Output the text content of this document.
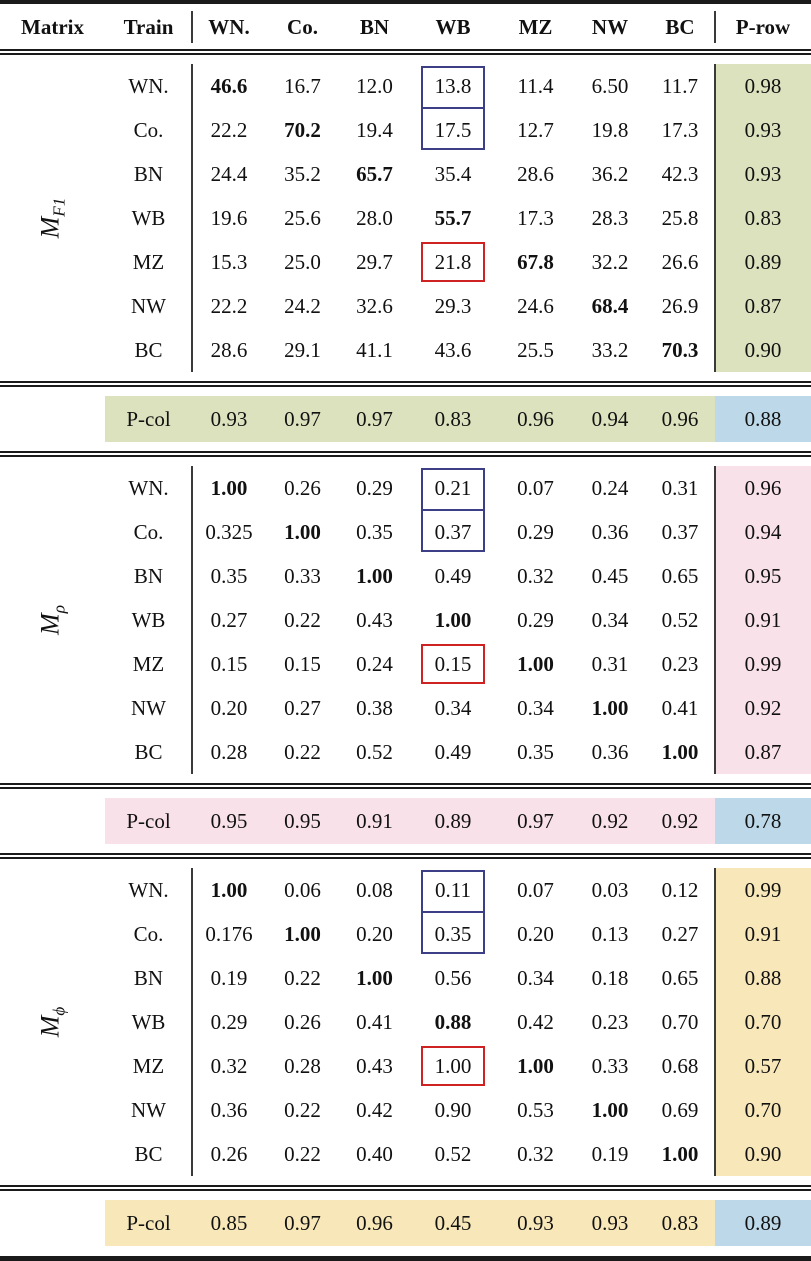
Matrix	Train	WN.	Co.	BN	WB	MZ	NW	BC	P-row

$M_{F1}$	WN.	46.6	16.7	12.0	13.8	11.4	6.50	11.7	0.98
	Co.	22.2	70.2	19.4	17.5	12.7	19.8	17.3	0.93
	BN	24.4	35.2	65.7	35.4	28.6	36.2	42.3	0.93
	WB	19.6	25.6	28.0	55.7	17.3	28.3	25.8	0.83
	MZ	15.3	25.0	29.7	21.8	67.8	32.2	26.6	0.89
	NW	22.2	24.2	32.6	29.3	24.6	68.4	26.9	0.87
	BC	28.6	29.1	41.1	43.6	25.5	33.2	70.3	0.90

	P-col	0.93	0.97	0.97	0.83	0.96	0.94	0.96	0.88

$M_\rho$	WN.	1.00	0.26	0.29	0.21	0.07	0.24	0.31	0.96
	Co.	0.325	1.00	0.35	0.37	0.29	0.36	0.37	0.94
	BN	0.35	0.33	1.00	0.49	0.32	0.45	0.65	0.95
	WB	0.27	0.22	0.43	1.00	0.29	0.34	0.52	0.91
	MZ	0.15	0.15	0.24	0.15	1.00	0.31	0.23	0.99
	NW	0.20	0.27	0.38	0.34	0.34	1.00	0.41	0.92
	BC	0.28	0.22	0.52	0.49	0.35	0.36	1.00	0.87

	P-col	0.95	0.95	0.91	0.89	0.97	0.92	0.92	0.78

$M_\phi$	WN.	1.00	0.06	0.08	0.11	0.07	0.03	0.12	0.99
	Co.	0.176	1.00	0.20	0.35	0.20	0.13	0.27	0.91
	BN	0.19	0.22	1.00	0.56	0.34	0.18	0.65	0.88
	WB	0.29	0.26	0.41	0.88	0.42	0.23	0.70	0.70
	MZ	0.32	0.28	0.43	1.00	1.00	0.33	0.68	0.57
	NW	0.36	0.22	0.42	0.90	0.53	1.00	0.69	0.70
	BC	0.26	0.22	0.40	0.52	0.32	0.19	1.00	0.90

	P-col	0.85	0.97	0.96	0.45	0.93	0.93	0.83	0.89
